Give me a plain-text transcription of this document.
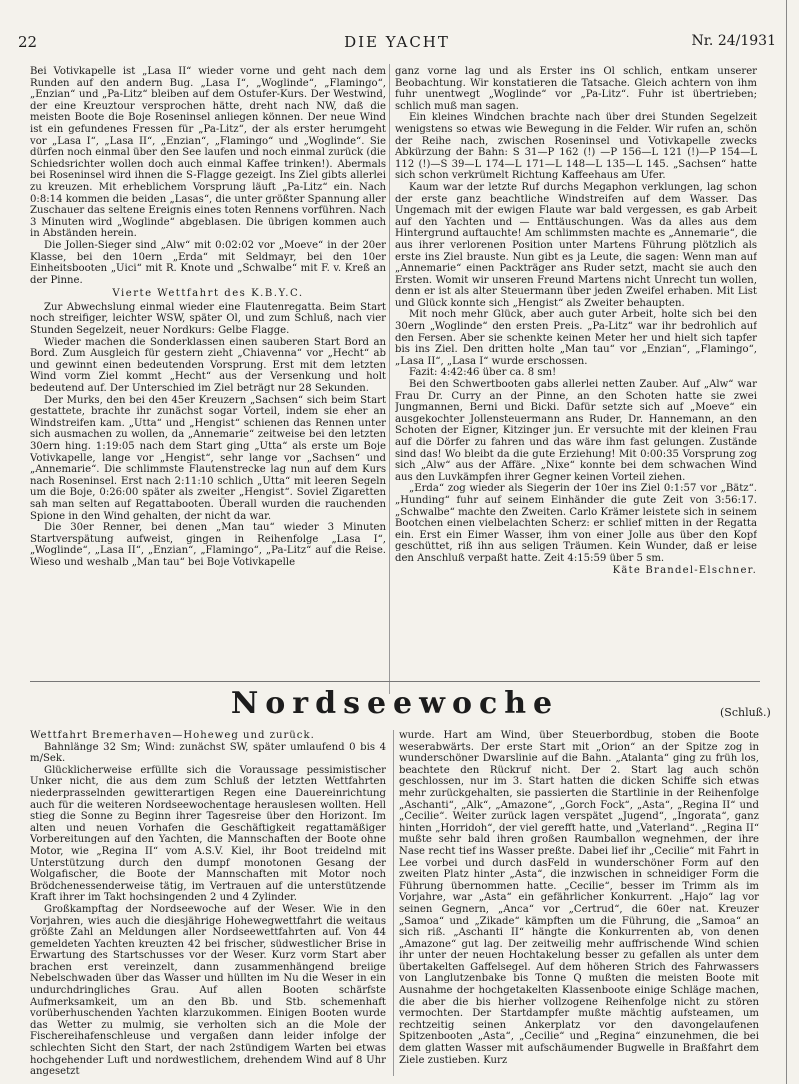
22	DIE YACHT	Nr. 24/1931

Bei Votivkapelle ist „Lasa II“ wieder vorne und geht nach dem Runden auf den andern Bug. „Lasa I“, „Woglinde“, „Flamingo“, „Enzian“ und „Pa-Litz“ bleiben auf dem Ostufer-Kurs. Der Westwind, der eine Kreuztour versprochen hätte, dreht nach NW, daß die meisten Boote die Boje Roseninsel anliegen können. Der neue Wind ist ein gefundenes Fressen für „Pa-Litz“, der als erster herumgeht vor „Lasa I“, „Lasa II“, „Enzian“, „Flamingo“ und „Woglinde“. Sie dürfen noch einmal über den See laufen und noch einmal zurück (die Schiedsrichter wollen doch auch einmal Kaffee trinken!). Abermals bei Roseninsel wird ihnen die S-Flagge gezeigt. Ins Ziel gibts allerlei zu kreuzen. Mit erheblichem Vorsprung läuft „Pa-Litz“ ein. Nach 0:8:14 kommen die beiden „Lasas“, die unter größter Spannung aller Zuschauer das seltene Ereignis eines toten Rennens vorführen. Nach 3 Minuten wird „Woglinde“ abgeblasen. Die übrigen kommen auch in Abständen herein.

Die Jollen-Sieger sind „Alw“ mit 0:02:02 vor „Moeve“ in der 20er Klasse, bei den 10ern „Erda“ mit Seldmayr, bei den 10er Einheitsbooten „Uici“ mit R. Knote und „Schwalbe“ mit F. v. Kreß an der Pinne.

Vierte Wettfahrt des K.B.Y.C.

Zur Abwechslung einmal wieder eine Flautenregatta. Beim Start noch streifiger, leichter WSW, später Ol, und zum Schluß, nach vier Stunden Segelzeit, neuer Nordkurs: Gelbe Flagge.

Wieder machen die Sonderklassen einen sauberen Start Bord an Bord. Zum Ausgleich für gestern zieht „Chiavenna“ vor „Hecht“ ab und gewinnt einen bedeutenden Vorsprung. Erst mit dem letzten Wind vorm Ziel kommt „Hecht“ aus der Versenkung und holt bedeutend auf. Der Unterschied im Ziel beträgt nur 28 Sekunden.

Der Murks, den bei den 45er Kreuzern „Sachsen“ sich beim Start gestattete, brachte ihr zunächst sogar Vorteil, indem sie eher an Windstreifen kam. „Utta“ und „Hengist“ schienen das Rennen unter sich ausmachen zu wollen, da „Annemarie“ zeitweise bei den letzten 30ern hing. 1:19:05 nach dem Start ging „Utta“ als erste um Boje Votivkapelle, lange vor „Hengist“, sehr lange vor „Sachsen“ und „Annemarie“. Die schlimmste Flautenstrecke lag nun auf dem Kurs nach Roseninsel. Erst nach 2:11:10 schlich „Utta“ mit leeren Segeln um die Boje, 0:26:00 später als zweiter „Hengist“. Soviel Zigaretten sah man selten auf Regattabooten. Überall wurden die rauchenden Spione in den Wind gehalten, der nicht da war.

Die 30er Renner, bei denen „Man tau“ wieder 3 Minuten Startverspätung aufweist, gingen in Reihenfolge „Lasa I“, „Woglinde“, „Lasa II“, „Enzian“, „Flamingo“, „Pa-Litz“ auf die Reise. Wieso und weshalb „Man tau“ bei Boje Votivkapelle

ganz vorne lag und als Erster ins Öl schlich, entkam unserer Beobachtung. Wir konstatieren die Tatsache. Gleich achtern von ihm fuhr unentwegt „Woglinde“ vor „Pa-Litz“. Fuhr ist übertrieben; schlich muß man sagen.

Ein kleines Windchen brachte nach über drei Stunden Segelzeit wenigstens so etwas wie Bewegung in die Felder. Wir rufen an, schön der Reihe nach, zwischen Roseninsel und Votivkapelle zwecks Abkürzung der Bahn: S 31—P 162 (!) —P 156—L 121 (!)—P 154—L 112 (!)—S 39—L 174—L 171—L 148—L 135—L 145. „Sachsen“ hatte sich schon verkrümelt Richtung Kaffeehaus am Ufer.

Kaum war der letzte Ruf durchs Megaphon verklungen, lag schon der erste ganz beachtliche Windstreifen auf dem Wasser. Das Ungemach mit der ewigen Flaute war bald vergessen, es gab Arbeit auf den Yachten und — Enttäuschungen. Was da alles aus dem Hintergrund auftauchte! Am schlimmsten machte es „Annemarie“, die aus ihrer verlorenen Position unter Martens Führung plötzlich als erste ins Ziel brauste. Nun gibt es ja Leute, die sagen: Wenn man auf „Annemarie“ einen Packträger ans Ruder setzt, macht sie auch den Ersten. Womit wir unseren Freund Martens nicht Unrecht tun wollen, denn er ist als alter Steuermann über jeden Zweifel erhaben. Mit List und Glück konnte sich „Hengist“ als Zweiter behaupten.

Mit noch mehr Glück, aber auch guter Arbeit, holte sich bei den 30ern „Woglinde“ den ersten Preis. „Pa-Litz“ war ihr bedrohlich auf den Fersen. Aber sie schenkte keinen Meter her und hielt sich tapfer bis ins Ziel. Den dritten holte „Man tau“ vor „Enzian“, „Flamingo“, „Lasa II“, „Lasa I“ wurde erschossen.

Fazit: 4:42:46 über ca. 8 sm!

Bei den Schwertbooten gabs allerlei netten Zauber. Auf „Alw“ war Frau Dr. Curry an der Pinne, an den Schoten hatte sie zwei Jungmannen, Berni und Bicki. Dafür setzte sich auf „Moeve“ ein ausgekochter Jollensteuermann ans Ruder, Dr. Hannemann, an den Schoten der Eigner, Kitzinger jun. Er versuchte mit der kleinen Frau auf die Dörfer zu fahren und das wäre ihm fast gelungen. Zustände sind das! Wo bleibt da die gute Erziehung! Mit 0:00:35 Vorsprung zog sich „Alw“ aus der Affäre. „Nixe“ konnte bei dem schwachen Wind aus den Luvkämpfen ihrer Gegner keinen Vorteil ziehen.

„Erda“ zog wieder als Siegerin der 10er ins Ziel 0:1:57 vor „Bätz“. „Hunding“ fuhr auf seinem Einhänder die gute Zeit von 3:56:17. „Schwalbe“ machte den Zweiten. Carlo Krämer leistete sich in seinem Bootchen einen vielbelachten Scherz: er schlief mitten in der Regatta ein. Erst ein Eimer Wasser, ihm von einer Jolle aus über den Kopf geschüttet, riß ihn aus seligen Träumen. Kein Wunder, daß er leise den Anschluß verpaßt hatte. Zeit 4:15:59 über 5 sm.

Käte Brandel-Elschner.

Nordseewoche	(Schluß.)

Wettfahrt Bremerhaven—Hoheweg und zurück.

Bahnlänge 32 Sm; Wind: zunächst SW, später umlaufend 0 bis 4 m/Sek.

Glücklicherweise erfüllte sich die Voraussage pessimistischer Unker nicht, die aus dem zum Schluß der letzten Wettfahrten niederprasselnden gewitterartigen Regen eine Dauereinrichtung auch für die weiteren Nordseewochentage herauslesen wollten. Hell stieg die Sonne zu Beginn ihrer Tagesreise über den Horizont. Im alten und neuen Vorhafen die Geschäftigkeit regattamäßiger Vorbereitungen auf den Yachten, die Mannschaften der Boote ohne Motor, wie „Regina II“ vom A.S.V. Kiel, ihr Boot treidelnd mit Unterstützung durch den dumpf monotonen Gesang der Wolgafischer, die Boote der Mannschaften mit Motor noch Brödchenessenderweise tätig, im Vertrauen auf die unterstützende Kraft ihrer im Takt hochsingenden 2 und 4 Zylinder.

Großkampftag der Nordseewoche auf der Weser. Wie in den Vorjahren, wies auch die diesjährige Hohewegwettfahrt die weitaus größte Zahl an Meldungen aller Nordseewettfahrten auf. Von 44 gemeldeten Yachten kreuzten 42 bei frischer, südwestlicher Brise in Erwartung des Startschusses vor der Weser. Kurz vorm Start aber brachen erst vereinzelt, dann zusammenhängend breiige Nebelschwaden über das Wasser und hüllten im Nu die Weser in ein undurchdringliches Grau. Auf allen Booten schärfste Aufmerksamkeit, um an den Bb. und Stb. schemenhaft vorüberhuschenden Yachten klarzukommen. Einigen Booten wurde das Wetter zu mulmig, sie verholten sich an die Mole der Fischereihafenschleuse und vergaßen dann leider infolge der schlechten Sicht den Start, der nach 2stündigem Warten bei etwas hochgehender Luft und nordwestlichem, drehendem Wind auf 8 Uhr angesetzt

wurde. Hart am Wind, über Steuerbordbug, stoben die Boote weserabwärts. Der erste Start mit „Orion“ an der Spitze zog in wunderschöner Dwarslinie auf die Bahn. „Atalanta“ ging zu früh los, beachtete den Rückruf nicht. Der 2. Start lag auch schön geschlossen, nur im 3. Start hatten die dicken Schiffe sich etwas mehr zurückgehalten, sie passierten die Startlinie in der Reihenfolge „Aschanti“, „Alk“, „Amazone“, „Gorch Fock“, „Asta“, „Regina II“ und „Cecilie“. Weiter zurück lagen verspätet „Jugend“, „Ingorata“, ganz hinten „Horridoh“, der viel gerefft hatte, und „Vaterland“. „Regina II“ mußte sehr bald ihren großen Raumballon wegnehmen, der ihre Nase recht tief ins Wasser preßte. Dabei lief ihr „Cecilie“ mit Fahrt in Lee vorbei und durch dasFeld in wunderschöner Form auf den zweiten Platz hinter „Asta“, die inzwischen in schneidiger Form die Führung übernommen hatte. „Cecilie“, besser im Trimm als im Vorjahre, war „Asta“ ein gefährlicher Konkurrent. „Hajo“ lag vor seinen Gegnern, „Anca“ vor „Certrud“, die 60er nat. Kreuzer „Samoa“ und „Zikade“ kämpften um die Führung, die „Samoa“ an sich riß. „Aschanti II“ hängte die Konkurrenten ab, von denen „Amazone“ gut lag. Der zeitweilig mehr auffrischende Wind schien ihr unter der neuen Hochtakelung besser zu gefallen als unter dem übertakelten Gaffelsegel. Auf dem höheren Strich des Fahrwassers von Langlutzenbake bis Tonne Q mußten die meisten Boote mit Ausnahme der hochgetakelten Klassenboote einige Schläge machen, die aber die bis hierher vollzogene Reihenfolge nicht zu stören vermochten. Der Startdampfer mußte mächtig aufsteamen, um rechtzeitig seinen Ankerplatz vor den davongelaufenen Spitzenbooten „Asta“, „Cecilie“ und „Regina“ einzunehmen, die bei dem glatten Wasser mit aufschäumender Bugwelle in Braßfahrt dem Ziele zustieben. Kurz
